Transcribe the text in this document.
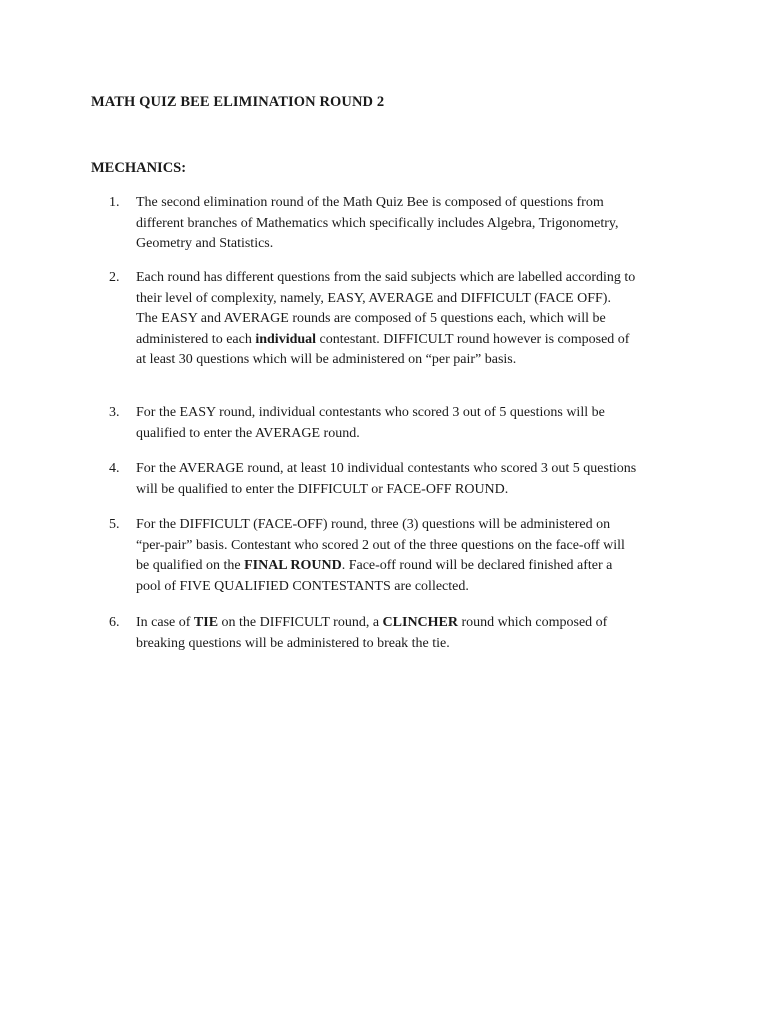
MATH QUIZ BEE ELIMINATION ROUND 2
MECHANICS:
1.	The second elimination round of the Math Quiz Bee is composed of questions from
different branches of Mathematics which specifically includes Algebra, Trigonometry,
Geometry and Statistics.
2.	Each round has different questions from the said subjects which are labelled according to
their level of complexity, namely, EASY, AVERAGE and DIFFICULT (FACE OFF).
The EASY and AVERAGE rounds are composed of 5 questions each, which will be
administered to each individual contestant. DIFFICULT round however is composed of
at least 30 questions which will be administered on “per pair” basis.
3.	For the EASY round, individual contestants who scored 3 out of 5 questions will be
qualified to enter the AVERAGE round.
4.	For the AVERAGE round, at least 10 individual contestants who scored 3 out 5 questions
will be qualified to enter the DIFFICULT or FACE-OFF ROUND.
5.	For the DIFFICULT (FACE-OFF) round, three (3) questions will be administered on
“per-pair” basis. Contestant who scored 2 out of the three questions on the face-off will
be qualified on the FINAL ROUND. Face-off round will be declared finished after a
pool of FIVE QUALIFIED CONTESTANTS are collected.
6.	In case of TIE on the DIFFICULT round, a CLINCHER round which composed of
breaking questions will be administered to break the tie.
